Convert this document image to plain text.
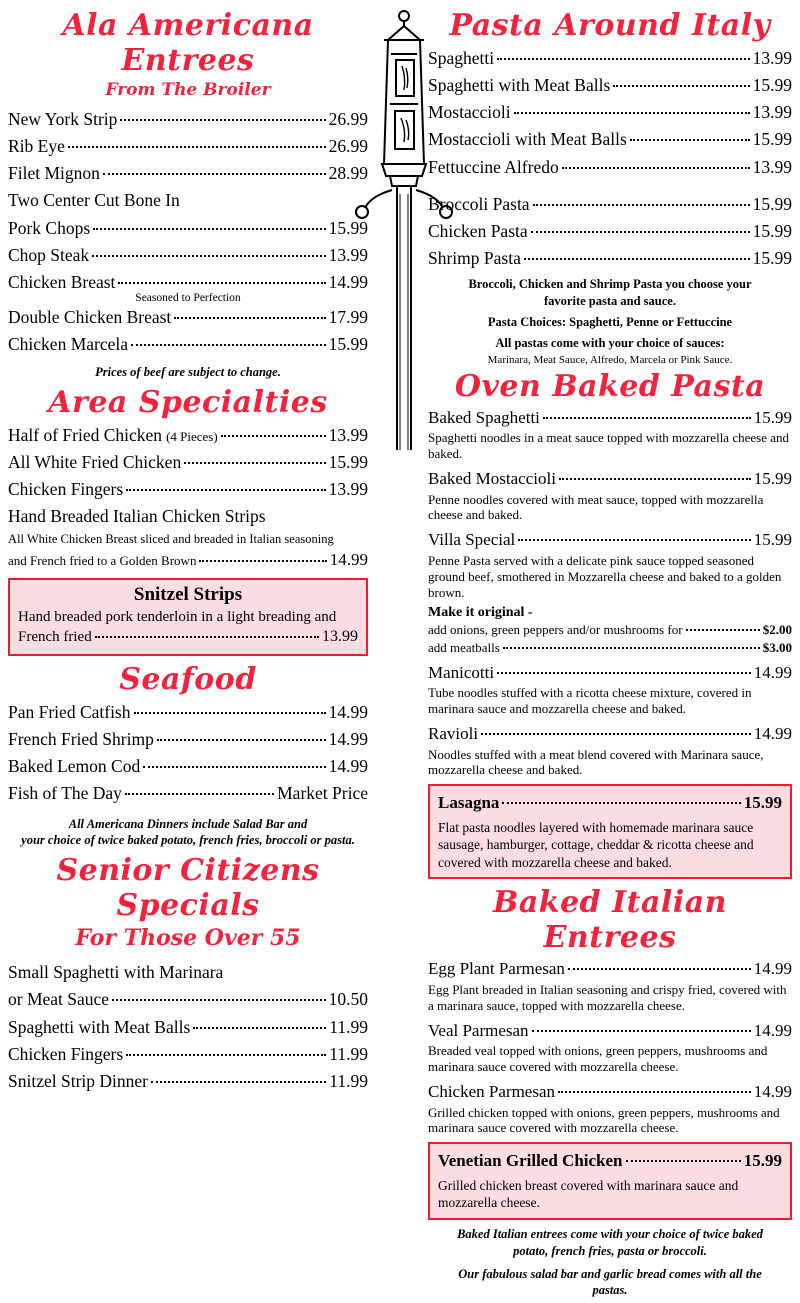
Ala Americana Entrees
From The Broiler
New York Strip	26.99
Rib Eye	26.99
Filet Mignon	28.99
Two Center Cut Bone In
Pork Chops	15.99
Chop Steak	13.99
Chicken Breast	14.99
Seasoned to Perfection
Double Chicken Breast	17.99
Chicken Marcela	15.99
Prices of beef are subject to change.
Area Specialties
Half of Fried Chicken (4 Pieces)	13.99
All White Fried Chicken	15.99
Chicken Fingers	13.99
Hand Breaded Italian Chicken Strips
All White Chicken Breast sliced and breaded in Italian seasoning
and French fried to a Golden Brown	14.99
Snitzel Strips
Hand breaded pork tenderloin in a light breading and
French fried	13.99
Seafood
Pan Fried Catfish	14.99
French Fried Shrimp	14.99
Baked Lemon Cod	14.99
Fish of The Day	Market Price
All Americana Dinners include Salad Bar and
your choice of twice baked potato, french fries, broccoli or pasta.
Senior Citizens Specials
For Those Over 55
Small Spaghetti with Marinara
or Meat Sauce	10.50
Spaghetti with Meat Balls	11.99
Chicken Fingers	11.99
Snitzel Strip Dinner	11.99
Pasta Around Italy
Spaghetti	13.99
Spaghetti with Meat Balls	15.99
Mostaccioli	13.99
Mostaccioli with Meat Balls	15.99
Fettuccine Alfredo	13.99
Broccoli Pasta	15.99
Chicken Pasta	15.99
Shrimp Pasta	15.99
Broccoli, Chicken and Shrimp Pasta you choose your
favorite pasta and sauce.
Pasta Choices: Spaghetti, Penne or Fettuccine
All pastas come with your choice of sauces:
Marinara, Meat Sauce, Alfredo, Marcela or Pink Sauce.
Oven Baked Pasta
Baked Spaghetti	15.99
Spaghetti noodles in a meat sauce topped with mozzarella cheese and baked.
Baked Mostaccioli	15.99
Penne noodles covered with meat sauce, topped with mozzarella cheese and baked.
Villa Special	15.99
Penne Pasta served with a delicate pink sauce topped seasoned ground beef, smothered in Mozzarella cheese and baked to a golden brown.
Make it original -
add onions, green peppers and/or mushrooms for	$2.00
add meatballs	$3.00
Manicotti	14.99
Tube noodles stuffed with a ricotta cheese mixture, covered in marinara sauce and mozzarella cheese and baked.
Ravioli	14.99
Noodles stuffed with a meat blend covered with Marinara sauce, mozzarella cheese and baked.
Lasagna	15.99
Flat pasta noodles layered with homemade marinara sauce sausage, hamburger, cottage, cheddar & ricotta cheese and covered with mozzarella cheese and baked.
Baked Italian Entrees
Egg Plant Parmesan	14.99
Egg Plant breaded in Italian seasoning and crispy fried, covered with a marinara sauce, topped with mozzarella cheese.
Veal Parmesan	14.99
Breaded veal topped with onions, green peppers, mushrooms and marinara sauce covered with mozzarella cheese.
Chicken Parmesan	14.99
Grilled chicken topped with onions, green peppers, mushrooms and marinara sauce covered with mozzarella cheese.
Venetian Grilled Chicken	15.99
Grilled chicken breast covered with marinara sauce and mozzarella cheese.
Baked Italian entrees come with your choice of twice baked
potato, french fries, pasta or broccoli.
Our fabulous salad bar and garlic bread comes with all the
pastas.
